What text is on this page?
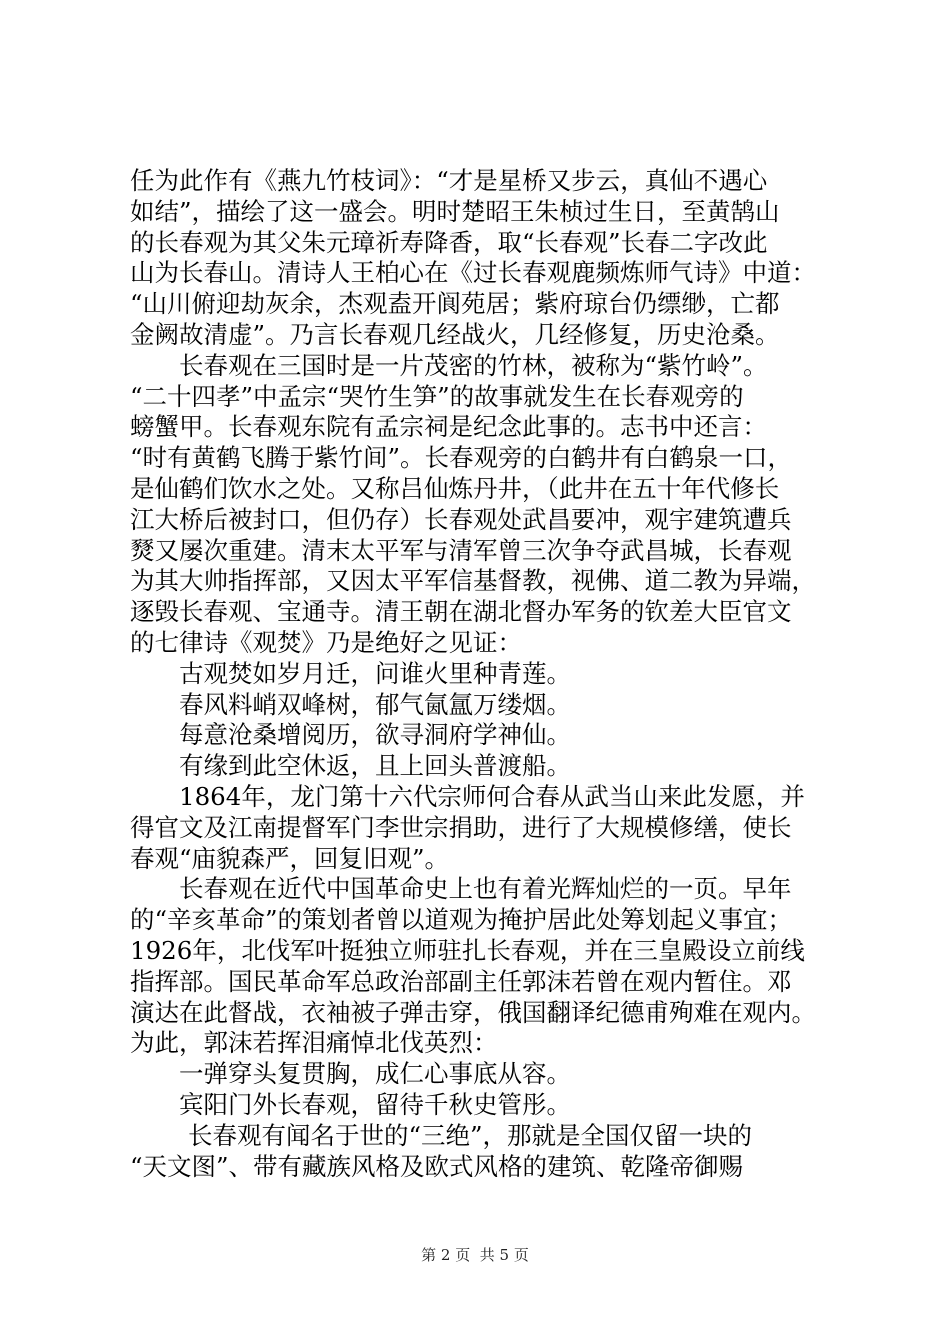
任为此作有《燕九竹枝词》：“才是星桥又步云，真仙不遇心
如结”，描绘了这一盛会。明时楚昭王朱桢过生日，至黄鹄山
的长春观为其父朱元璋祈寿降香，取“长春观”长春二字改此
山为长春山。清诗人王柏心在《过长春观鹿频炼师气诗》中道：
“山川俯迎劫灰余，杰观盍开阆苑居；紫府琼台仍缥缈，亡都
金阙故清虚”。乃言长春观几经战火，几经修复，历史沧桑。
长春观在三国时是一片茂密的竹林，被称为“紫竹岭”。
“二十四孝”中孟宗“哭竹生笋”的故事就发生在长春观旁的
螃蟹甲。长春观东院有孟宗祠是纪念此事的。志书中还言：
“时有黄鹤飞腾于紫竹间”。长春观旁的白鹤井有白鹤泉一口，
是仙鹤们饮水之处。又称吕仙炼丹井，（此井在五十年代修长
江大桥后被封口，但仍存）长春观处武昌要冲，观宇建筑遭兵
燹又屡次重建。清末太平军与清军曾三次争夺武昌城，长春观
为其大帅指挥部，又因太平军信基督教，视佛、道二教为异端，
逐毁长春观、宝通寺。清王朝在湖北督办军务的钦差大臣官文
的七律诗《观焚》乃是绝好之见证：
古观焚如岁月迁，问谁火里种青莲。
春风料峭双峰树，郁气氤氲万缕烟。
每意沧桑增阅历，欲寻洞府学神仙。
有缘到此空休返，且上回头普渡船。
1864年，龙门第十六代宗师何合春从武当山来此发愿，并
得官文及江南提督军门李世宗捐助，进行了大规模修缮，使长
春观“庙貌森严，回复旧观”。
长春观在近代中国革命史上也有着光辉灿烂的一页。早年
的“辛亥革命”的策划者曾以道观为掩护居此处筹划起义事宜；
1926年，北伐军叶挺独立师驻扎长春观，并在三皇殿设立前线
指挥部。国民革命军总政治部副主任郭沫若曾在观内暂住。邓
演达在此督战，衣袖被子弹击穿，俄国翻译纪德甫殉难在观内。
为此，郭沫若挥泪痛悼北伐英烈：
一弹穿头复贯胸，成仁心事底从容。
宾阳门外长春观，留待千秋史管彤。
长春观有闻名于世的“三绝”，那就是全国仅留一块的
“天文图”、带有藏族风格及欧式风格的建筑、乾隆帝御赐
第 2 页  共 5 页
